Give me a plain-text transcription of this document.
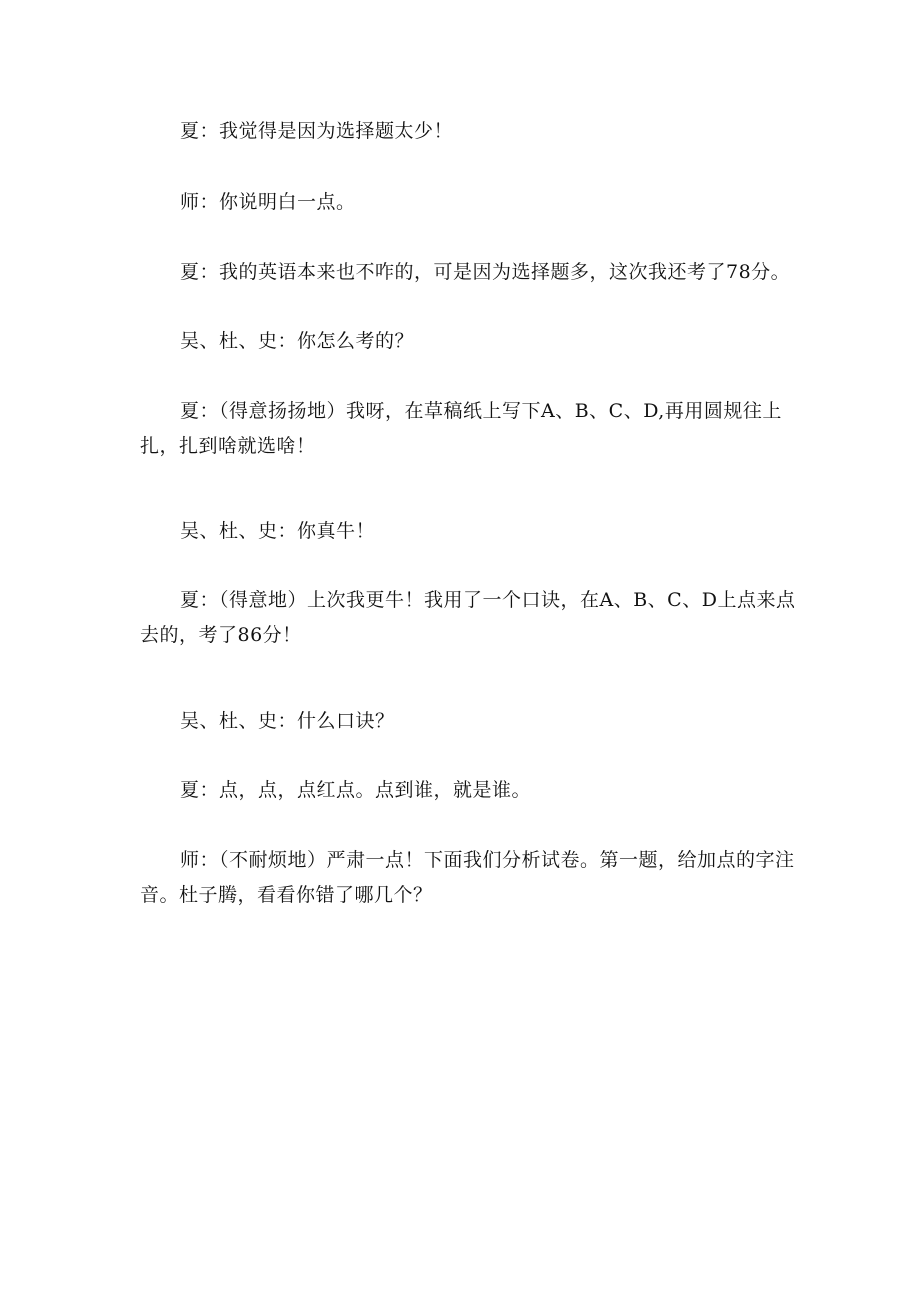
夏：我觉得是因为选择题太少！

师：你说明白一点。

夏：我的英语本来也不咋的，可是因为选择题多，这次我还考了78分。

吴、杜、史：你怎么考的？

夏：（得意扬扬地）我呀，在草稿纸上写下A、B、C、D,再用圆规往上扎，扎到啥就选啥！

吴、杜、史：你真牛！

夏：（得意地）上次我更牛！我用了一个口诀，在A、B、C、D上点来点去的，考了86分！

吴、杜、史：什么口诀？

夏：点，点，点红点。点到谁，就是谁。

师：（不耐烦地）严肃一点！下面我们分析试卷。第一题，给加点的字注音。杜子腾，看看你错了哪几个？
